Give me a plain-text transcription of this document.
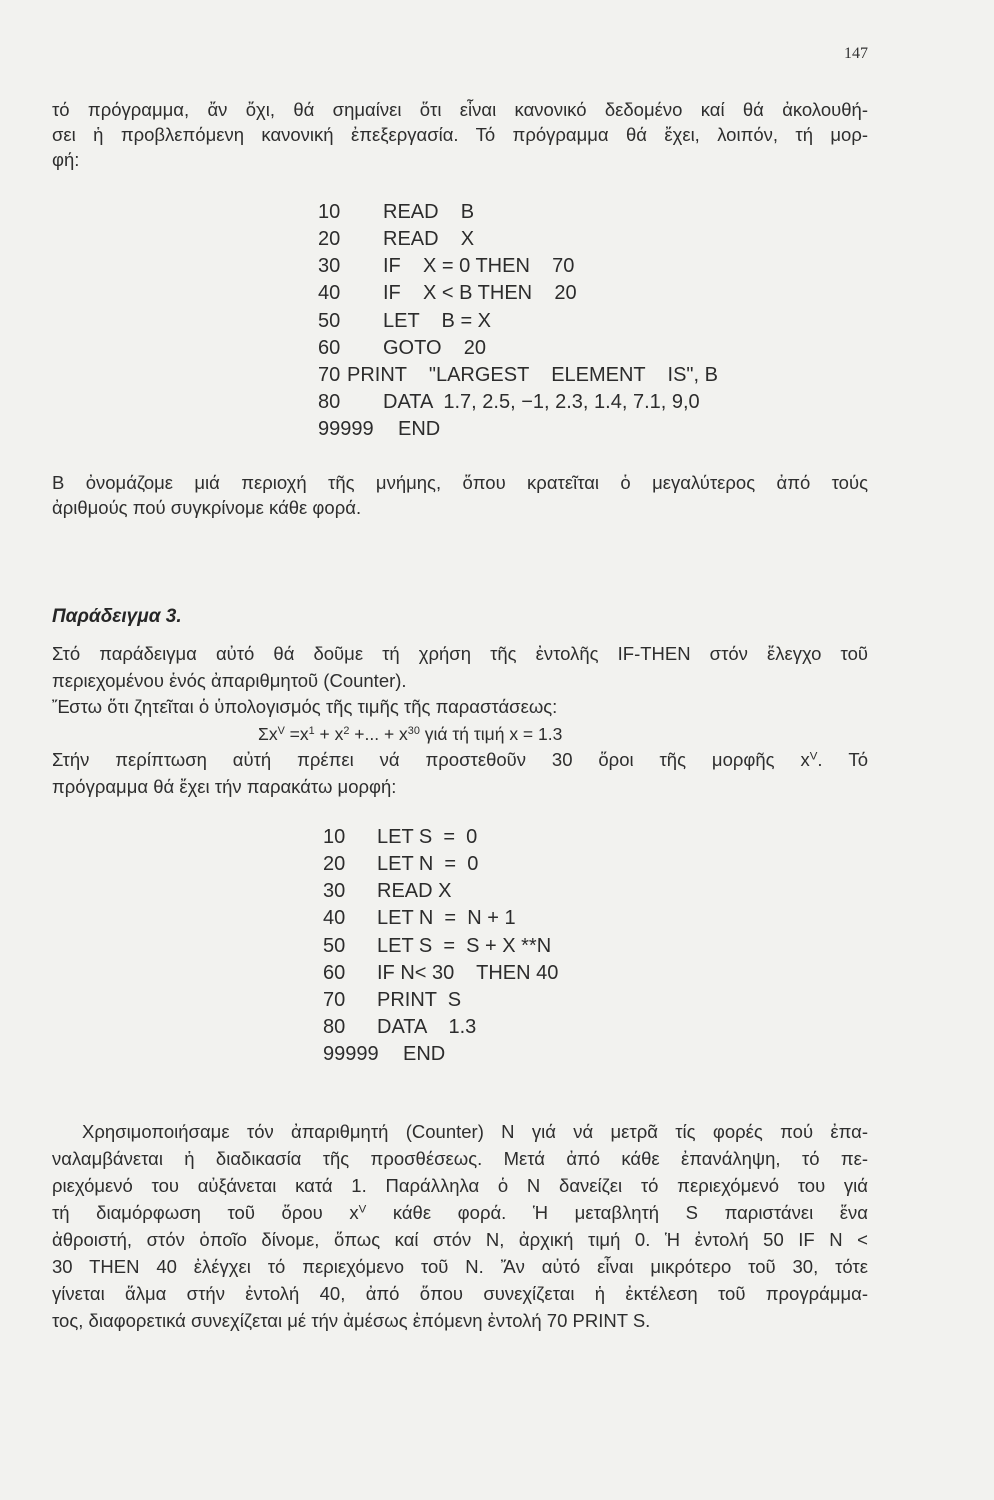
147
τό πρόγραμμα, ἄν ὄχι, θά σημαίνει ὅτι εἶναι κανονικό δεδομένο καί θά ἀκολουθή-
σει ἡ προβλεπόμενη κανονική ἐπεξεργασία. Τό πρόγραμμα θά ἔχει, λοιπόν, τή μορ-
φή:
10	READ    B
20	READ    X
30	IF    X = 0 THEN    70
40	IF    X < B THEN    20
50	LET    B = X
60	GOTO    20
70 PRINT    "LARGEST    ELEMENT    IS", B
80	DATA  1.7, 2.5, −1, 2.3, 1.4, 7.1, 9,0
99999	END
B ὀνομάζομε μιά περιοχή τῆς μνήμης, ὅπου κρατεῖται ὁ μεγαλύτερος ἀπό τούς
ἀριθμούς πού συγκρίνομε κάθε φορά.
Παράδειγμα 3.
Στό παράδειγμα αὐτό θά δοῦμε τή χρήση τῆς ἐντολῆς IF-THEN στόν ἔλεγχο τοῦ
περιεχομένου ἑνός ἀπαριθμητοῦ (Counter).
Ἔστω ὅτι ζητεῖται ὁ ὑπολογισμός τῆς τιμῆς τῆς παραστάσεως:
$\Sigma x^V =x^1 + x^2$ +... + $x^{30}$ γιά τή τιμή x = 1.3
Στήν περίπτωση αὐτή πρέπει νά προστεθοῦν 30 ὅροι τῆς μορφῆς $x^V$. Τό
πρόγραμμα θά ἔχει τήν παρακάτω μορφή:
10	LET S  =  0
20	LET N  =  0
30	READ X
40	LET N  =  N + 1
50	LET S  =  S + X **N
60	IF N< 30    THEN 40
70	PRINT  S
80	DATA    1.3
99999	END
Χρησιμοποιήσαμε τόν ἀπαριθμητή (Counter) N γιά νά μετρᾶ τίς φορές πού ἐπα-
ναλαμβάνεται ἡ διαδικασία τῆς προσθέσεως. Μετά ἀπό κάθε ἐπανάληψη, τό πε-
ριεχόμενό του αὐξάνεται κατά 1. Παράλληλα ὁ N δανείζει τό περιεχόμενό του γιά
τή διαμόρφωση τοῦ ὅρου $x^V$ κάθε φορά. Ἡ μεταβλητή S παριστάνει ἕνα
ἀθροιστή, στόν ὁποῖο δίνομε, ὅπως καί στόν N, ἀρχική τιμή 0. Ἡ ἐντολή 50 IF N <
30 THEN 40 ἐλέγχει τό περιεχόμενο τοῦ N. Ἄν αὐτό εἶναι μικρότερο τοῦ 30, τότε
γίνεται ἅλμα στήν ἐντολή 40, ἀπό ὅπου συνεχίζεται ἡ ἐκτέλεση τοῦ προγράμμα-
τος, διαφορετικά συνεχίζεται μέ τήν ἀμέσως ἐπόμενη ἐντολή 70 PRINT S.
